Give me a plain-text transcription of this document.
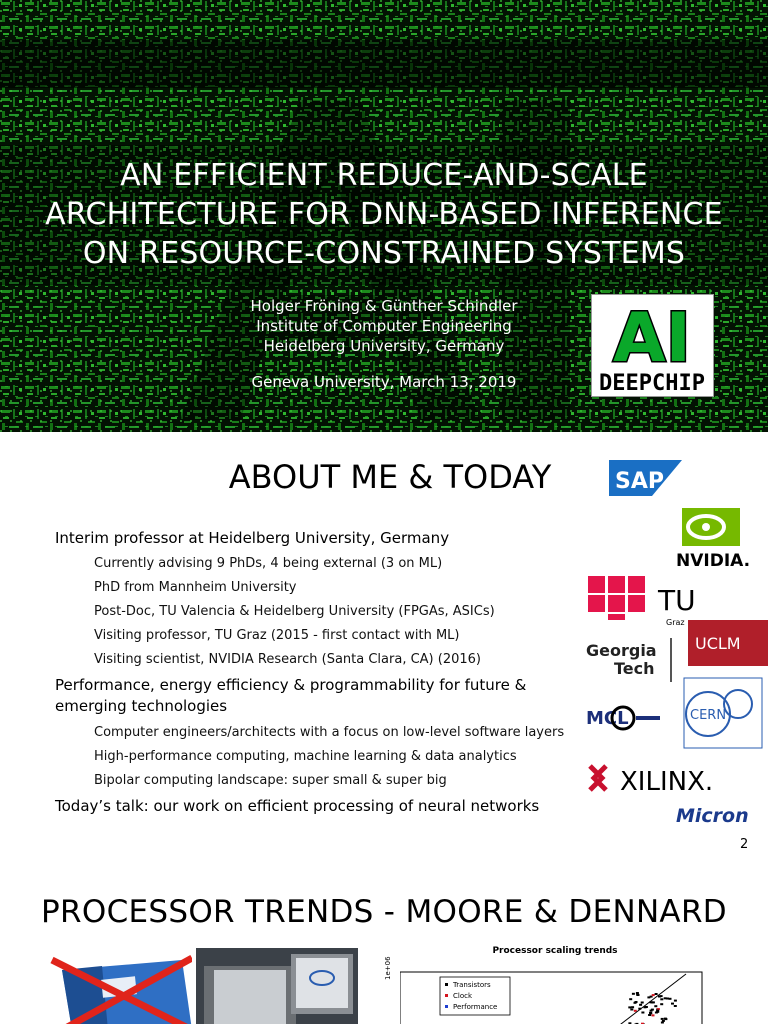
AN EFFICIENT REDUCE-AND-SCALE
ARCHITECTURE FOR DNN-BASED INFERENCE
ON RESOURCE-CONSTRAINED SYSTEMS
Holger Fröning & Günther Schindler
Institute of Computer Engineering
Heidelberg University, Germany
Geneva University, March 13, 2019
AI
DEEPCHIP
ABOUT ME & TODAY
Interim professor at Heidelberg University, Germany
Currently advising 9 PhDs, 4 being external (3 on ML)
PhD from Mannheim University
Post-Doc, TU Valencia & Heidelberg University (FPGAs, ASICs)
Visiting professor, TU Graz (2015 - first contact with ML)
Visiting scientist, NVIDIA Research (Santa Clara, CA) (2016)
Performance, energy efficiency & programmability for future &
emerging technologies
Computer engineers/architects with a focus on low-level software layers
High-performance computing, machine learning & data analytics
Bipolar computing landscape: super small & super big
Today’s talk: our work on efficient processing of neural networks
SAP
NVIDIA.
TU
Graz
UCLM
Georgia
Tech
MCL	CERN
XILINX.
Micron
2
PROCESSOR TRENDS - MOORE & DENNARD
Processor scaling trends
1e+06
Transistors
Clock
Performance
